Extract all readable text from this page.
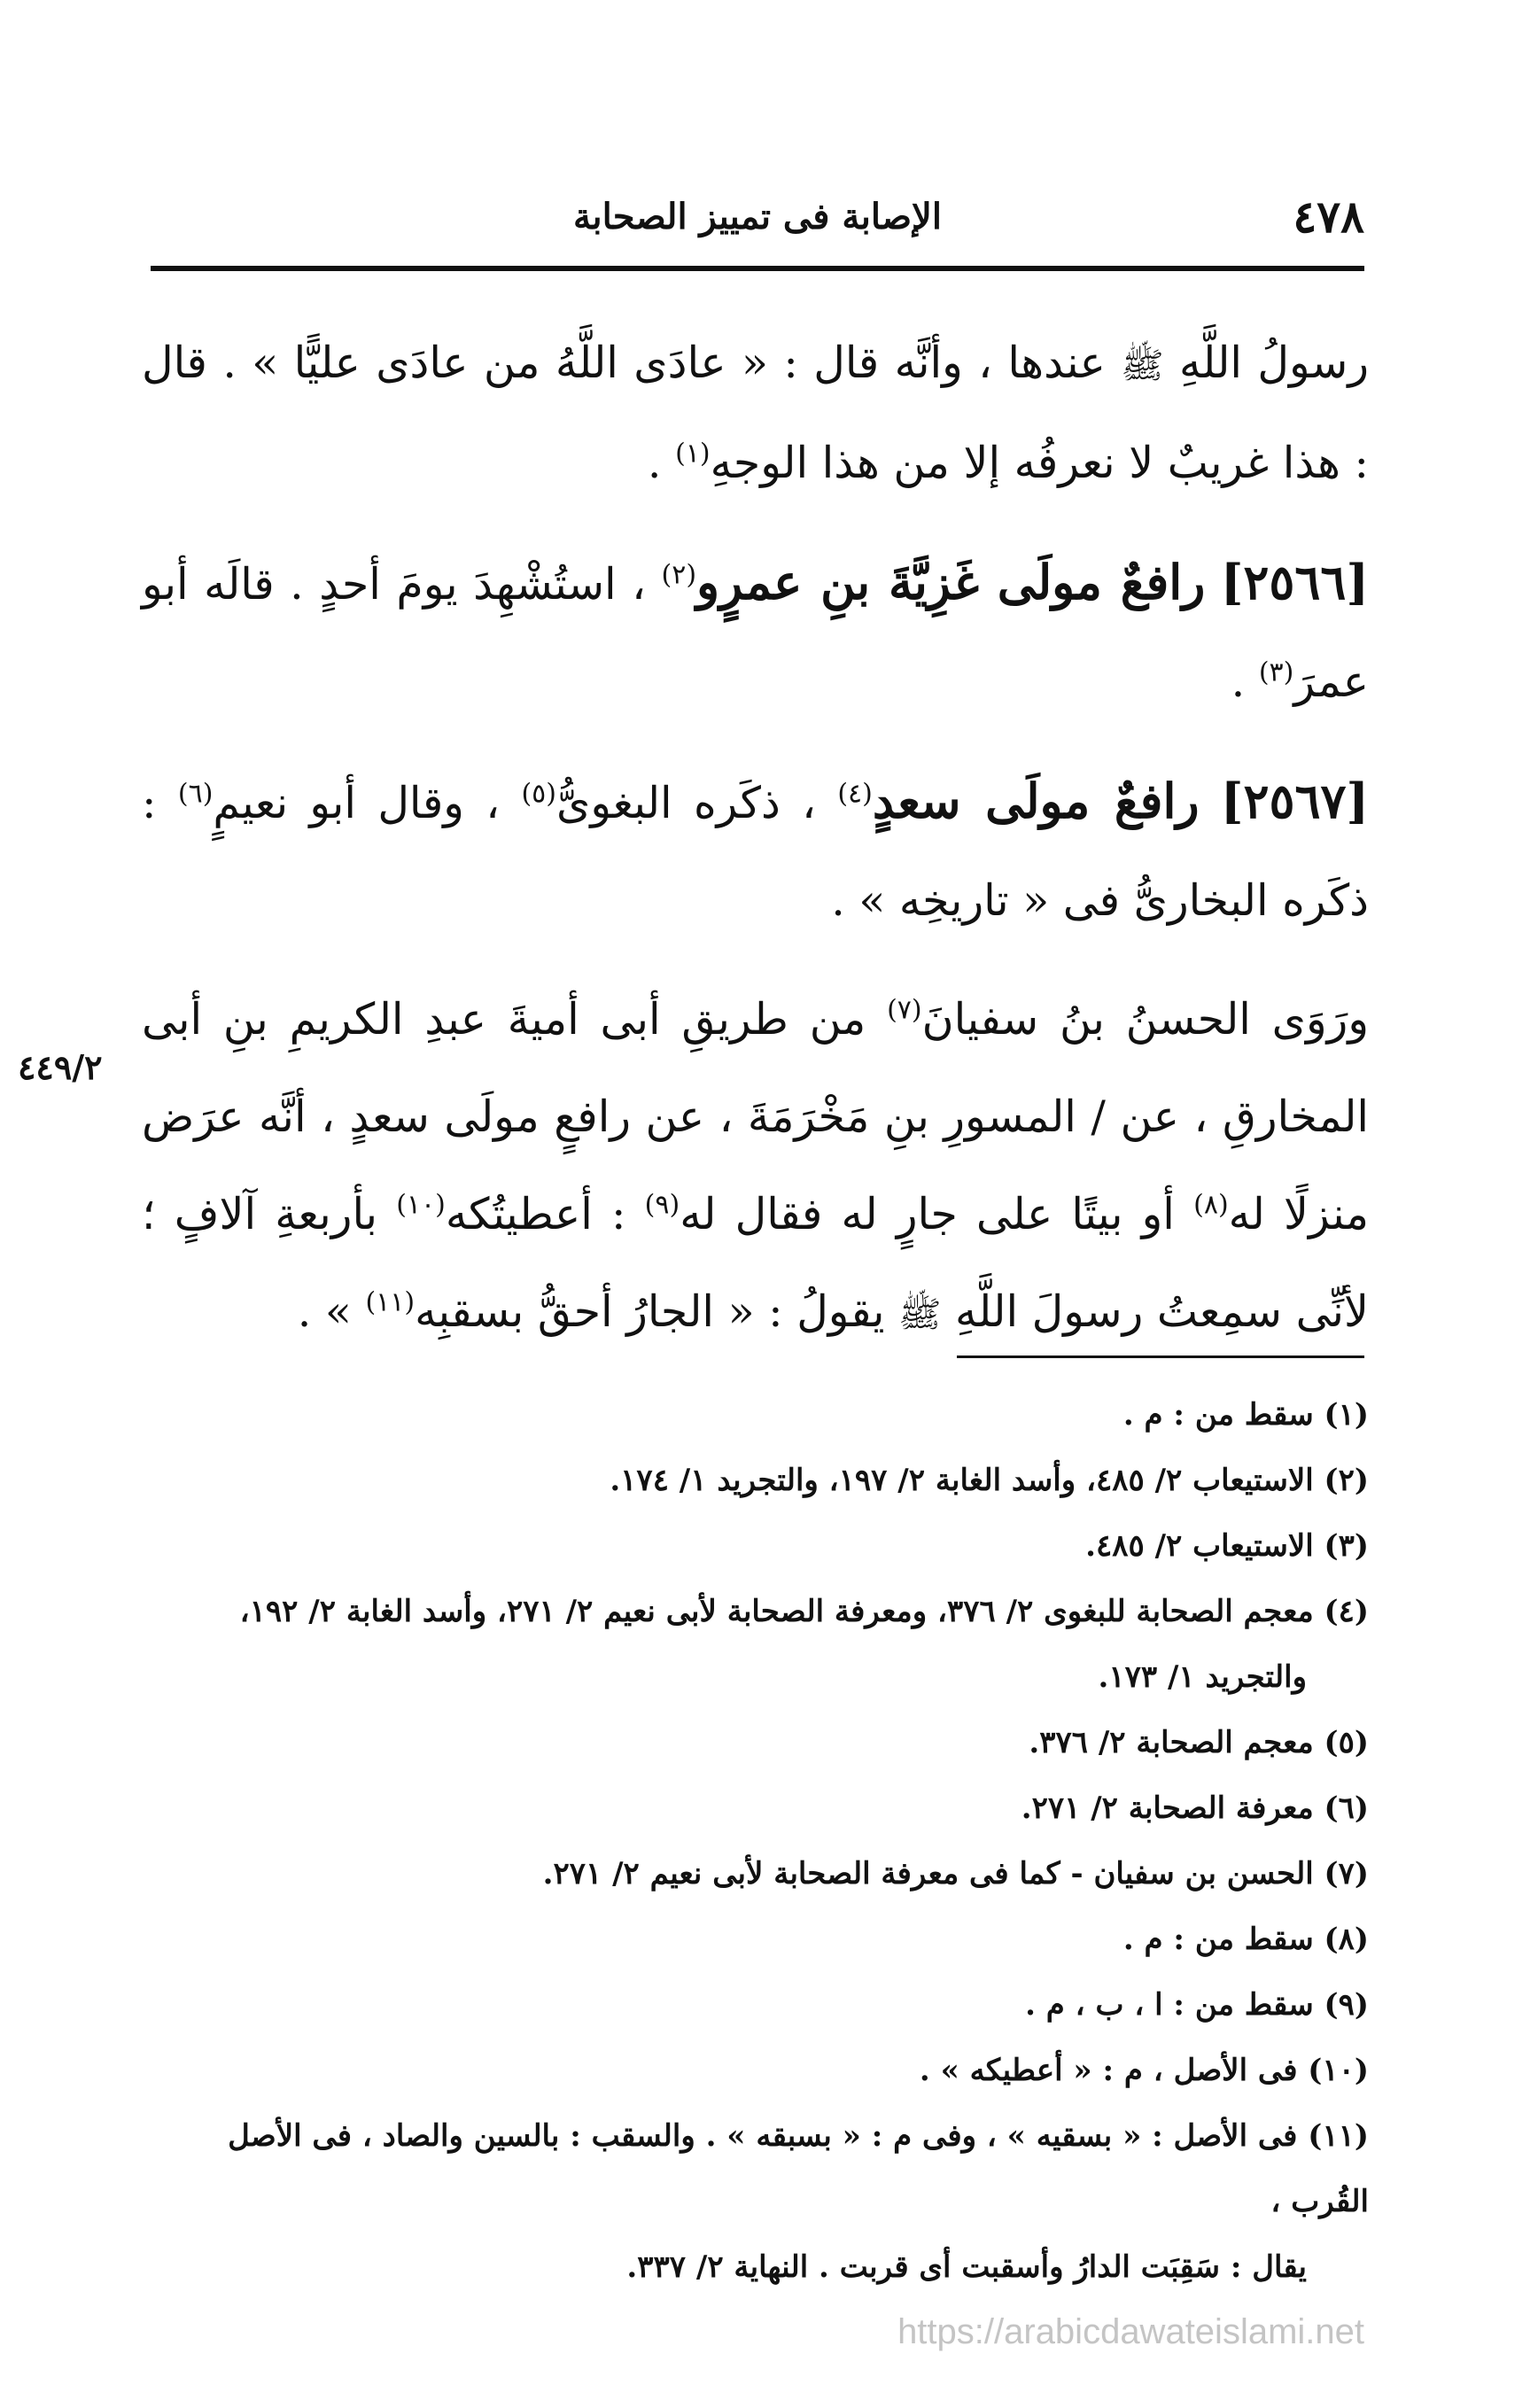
٤٧٨
الإصابة فى تمييز الصحابة
٤٤٩/٢

رسولُ اللَّهِ ﷺ عندها ، وأنَّه قال : « عادَى اللَّهُ من عادَى عليًّا » . قال : هذا غريبٌ لا نعرفُه إلا من هذا الوجهِ$^{(١)}$ .

[٢٥٦٦] رافعٌ مولَى غَزِيَّةَ بنِ عمرٍو$^{(٢)}$ ، استُشْهِدَ يومَ أحدٍ . قالَه أبو عمرَ$^{(٣)}$ .

[٢٥٦٧] رافعٌ مولَى سعدٍ$^{(٤)}$ ، ذكَره البغوىُّ$^{(٥)}$ ، وقال أبو نعيمٍ$^{(٦)}$ : ذكَره البخارىُّ فى « تاريخِه » .

ورَوَى الحسنُ بنُ سفيانَ$^{(٧)}$ من طريقِ أبى أميةَ عبدِ الكريمِ بنِ أبى المخارقِ ، عن / المسورِ بنِ مَخْرَمَةَ ، عن رافعٍ مولَى سعدٍ ، أنَّه عرَض منزلًا له$^{(٨)}$ أو بيتًا على جارٍ له فقال له$^{(٩)}$ : أعطيتُكه$^{(١٠)}$ بأربعةِ آلافٍ ؛ لأنِّى سمِعتُ رسولَ اللَّهِ ﷺ يقولُ : « الجارُ أحقُّ بسقبِه$^{(١١)}$ » .

(١) سقط من : م .

(٢) الاستيعاب ٢/ ٤٨٥، وأسد الغابة ٢/ ١٩٧، والتجريد ١/ ١٧٤.

(٣) الاستيعاب ٢/ ٤٨٥.

(٤) معجم الصحابة للبغوى ٢/ ٣٧٦، ومعرفة الصحابة لأبى نعيم ٢/ ٢٧١، وأسد الغابة ٢/ ١٩٢،
والتجريد ١/ ١٧٣.

(٥) معجم الصحابة ٢/ ٣٧٦.

(٦) معرفة الصحابة ٢/ ٢٧١.

(٧) الحسن بن سفيان - كما فى معرفة الصحابة لأبى نعيم ٢/ ٢٧١.

(٨) سقط من : م .

(٩) سقط من : ا ، ب ، م .

(١٠) فى الأصل ، م : « أعطيكه » .

(١١) فى الأصل : « بسقيه » ، وفى م : « بسبقه » . والسقب : بالسين والصاد ، فى الأصل القُرب ،
يقال : سَقِبَت الدارُ وأسقبت أى قربت . النهاية ٢/ ٣٣٧.

https://arabicdawateislami.net
